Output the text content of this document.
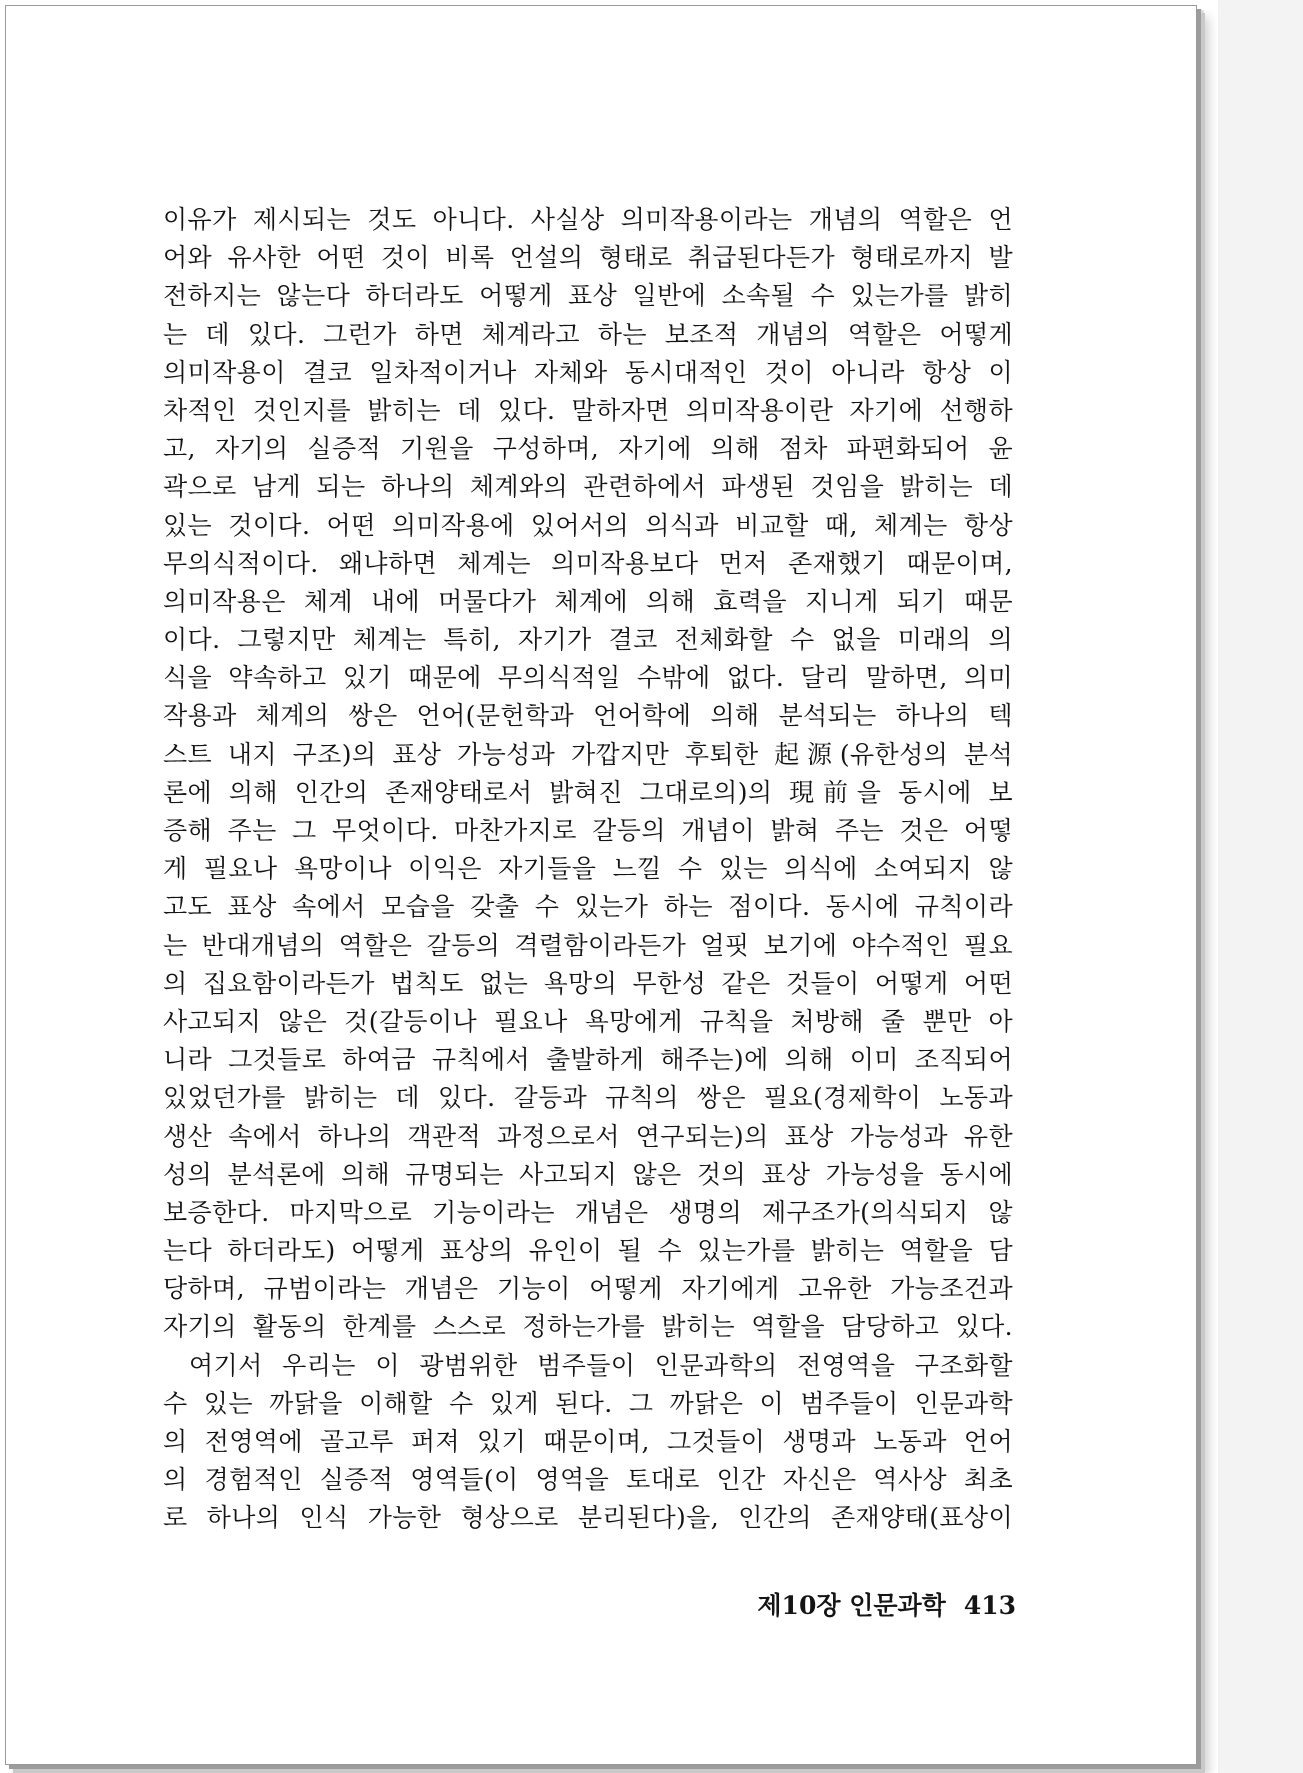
이유가 제시되는 것도 아니다. 사실상 의미작용이라는 개념의 역할은 언
어와 유사한 어떤 것이 비록 언설의 형태로 취급된다든가 형태로까지 발
전하지는 않는다 하더라도 어떻게 표상 일반에 소속될 수 있는가를 밝히
는 데 있다. 그런가 하면 체계라고 하는 보조적 개념의 역할은 어떻게
의미작용이 결코 일차적이거나 자체와 동시대적인 것이 아니라 항상 이
차적인 것인지를 밝히는 데 있다. 말하자면 의미작용이란 자기에 선행하
고, 자기의 실증적 기원을 구성하며, 자기에 의해 점차 파편화되어 윤
곽으로 남게 되는 하나의 체계와의 관련하에서 파생된 것임을 밝히는 데
있는 것이다. 어떤 의미작용에 있어서의 의식과 비교할 때, 체계는 항상
무의식적이다. 왜냐하면 체계는 의미작용보다 먼저 존재했기 때문이며,
의미작용은 체계 내에 머물다가 체계에 의해 효력을 지니게 되기 때문
이다. 그렇지만 체계는 특히, 자기가 결코 전체화할 수 없을 미래의 의
식을 약속하고 있기 때문에 무의식적일 수밖에 없다. 달리 말하면, 의미
작용과 체계의 쌍은 언어(문헌학과 언어학에 의해 분석되는 하나의 텍
스트 내지 구조)의 표상 가능성과 가깝지만 후퇴한 起源(유한성의 분석
론에 의해 인간의 존재양태로서 밝혀진 그대로의)의 現前을 동시에 보
증해 주는 그 무엇이다. 마찬가지로 갈등의 개념이 밝혀 주는 것은 어떻
게 필요나 욕망이나 이익은 자기들을 느낄 수 있는 의식에 소여되지 않
고도 표상 속에서 모습을 갖출 수 있는가 하는 점이다. 동시에 규칙이라
는 반대개념의 역할은 갈등의 격렬함이라든가 얼핏 보기에 야수적인 필요
의 집요함이라든가 법칙도 없는 욕망의 무한성 같은 것들이 어떻게 어떤
사고되지 않은 것(갈등이나 필요나 욕망에게 규칙을 처방해 줄 뿐만 아
니라 그것들로 하여금 규칙에서 출발하게 해주는)에 의해 이미 조직되어
있었던가를 밝히는 데 있다. 갈등과 규칙의 쌍은 필요(경제학이 노동과
생산 속에서 하나의 객관적 과정으로서 연구되는)의 표상 가능성과 유한
성의 분석론에 의해 규명되는 사고되지 않은 것의 표상 가능성을 동시에
보증한다. 마지막으로 기능이라는 개념은 생명의 제구조가(의식되지 않
는다 하더라도) 어떻게 표상의 유인이 될 수 있는가를 밝히는 역할을 담
당하며, 규범이라는 개념은 기능이 어떻게 자기에게 고유한 가능조건과
자기의 활동의 한계를 스스로 정하는가를 밝히는 역할을 담당하고 있다.
여기서 우리는 이 광범위한 범주들이 인문과학의 전영역을 구조화할
수 있는 까닭을 이해할 수 있게 된다. 그 까닭은 이 범주들이 인문과학
의 전영역에 골고루 퍼져 있기 때문이며, 그것들이 생명과 노동과 언어
의 경험적인 실증적 영역들(이 영역을 토대로 인간 자신은 역사상 최초
로 하나의 인식 가능한 형상으로 분리된다)을, 인간의 존재양태(표상이
제10장 인문과학 413
